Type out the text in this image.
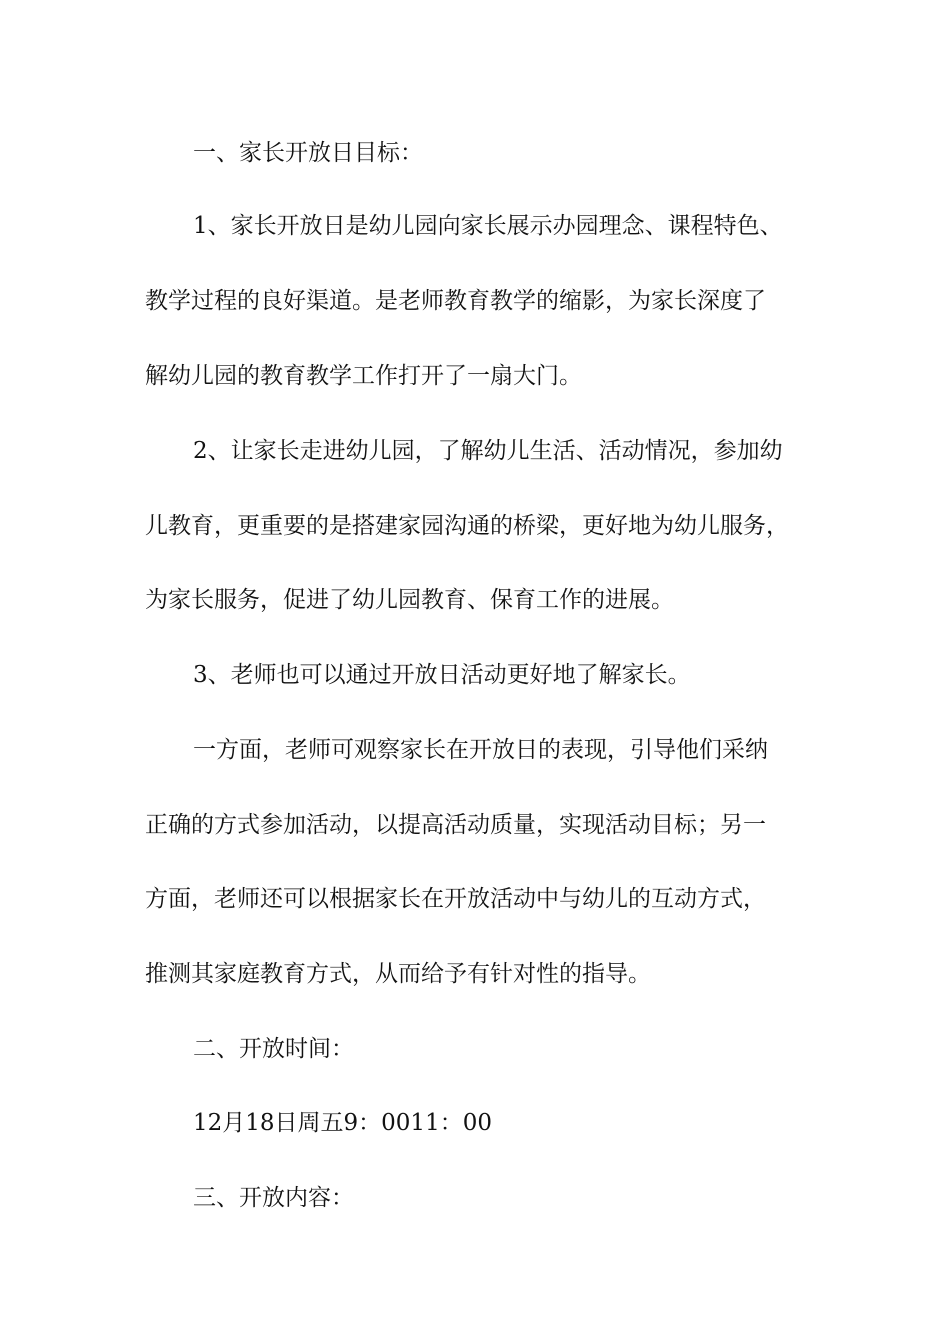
一、家长开放日目标：
1、家长开放日是幼儿园向家长展示办园理念、课程特色、
教学过程的良好渠道。是老师教育教学的缩影，为家长深度了
解幼儿园的教育教学工作打开了一扇大门。
2、让家长走进幼儿园，了解幼儿生活、活动情况，参加幼
儿教育，更重要的是搭建家园沟通的桥梁，更好地为幼儿服务，
为家长服务，促进了幼儿园教育、保育工作的进展。
3、老师也可以通过开放日活动更好地了解家长。
一方面，老师可观察家长在开放日的表现，引导他们采纳
正确的方式参加活动，以提高活动质量，实现活动目标；另一
方面，老师还可以根据家长在开放活动中与幼儿的互动方式，
推测其家庭教育方式，从而给予有针对性的指导。
二、开放时间：
12月18日周五9：0011：00
三、开放内容：
